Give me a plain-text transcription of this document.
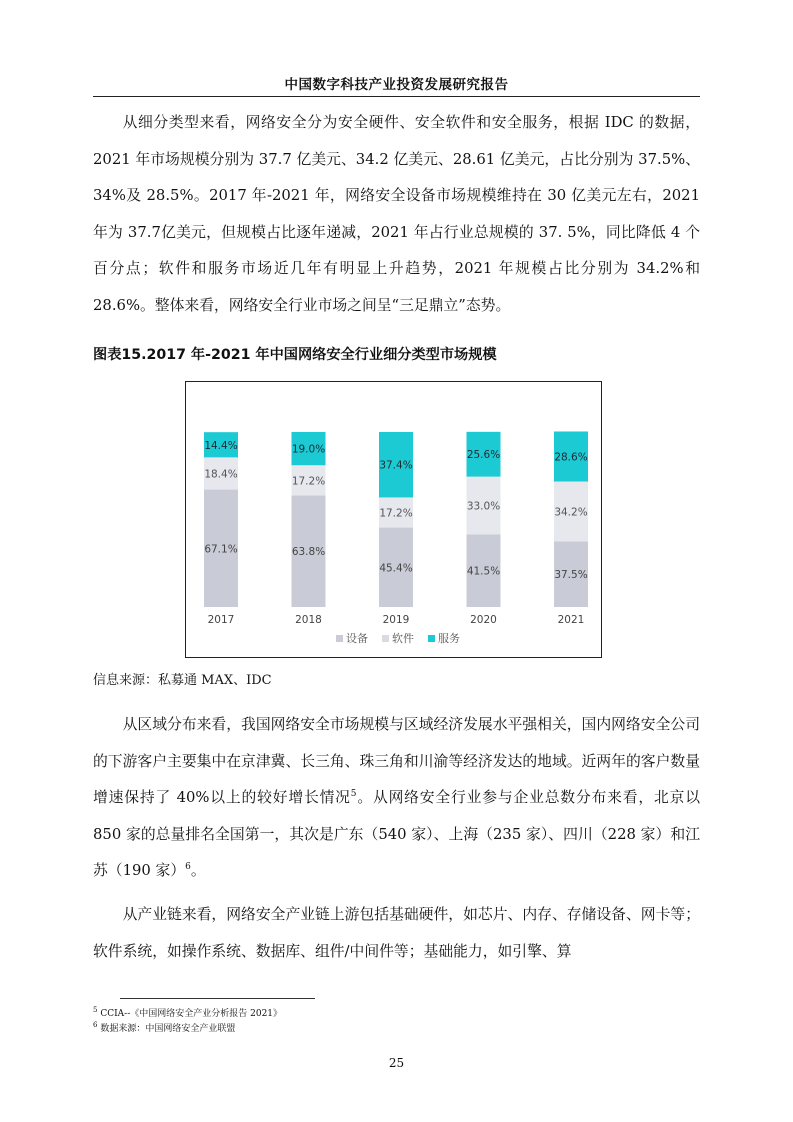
中国数字科技产业投资发展研究报告

从细分类型来看，网络安全分为安全硬件、安全软件和安全服务，根据 IDC 的数据，2021 年市场规模分别为 37.7 亿美元、34.2 亿美元、28.61 亿美元，占比分别为 37.5%、34%及 28.5%。2017 年-2021 年，网络安全设备市场规模维持在 30 亿美元左右，2021 年为 37.7亿美元，但规模占比逐年递减，2021 年占行业总规模的 37. 5%，同比降低 4 个百分点；软件和服务市场近几年有明显上升趋势，2021 年规模占比分别为 34.2%和 28.6%。整体来看，网络安全行业市场之间呈“三足鼎立”态势。

图表15.2017 年-2021 年中国网络安全行业细分类型市场规模
67.1%
18.4%
14.4%
2017
63.8%
17.2%
19.0%
2018
45.4%
17.2%
37.4%
2019
41.5%
33.0%
25.6%
2020
37.5%
34.2%
28.6%
2021
设备 软件 服务
信息来源：私募通 MAX、IDC

从区域分布来看，我国网络安全市场规模与区域经济发展水平强相关，国内网络安全公司的下游客户主要集中在京津冀、长三角、珠三角和川渝等经济发达的地域。近两年的客户数量增速保持了 40%以上的较好增长情况$^5$。从网络安全行业参与企业总数分布来看，北京以 850 家的总量排名全国第一，其次是广东（540 家）、上海（235 家）、四川（228 家）和江苏（190 家）$^6$。

从产业链来看，网络安全产业链上游包括基础硬件，如芯片、内存、存储设备、网卡等；软件系统，如操作系统、数据库、组件/中间件等；基础能力，如引擎、算

$^5$ CCIA--《中国网络安全产业分析报告 2021》
$^6$ 数据来源：中国网络安全产业联盟
25
